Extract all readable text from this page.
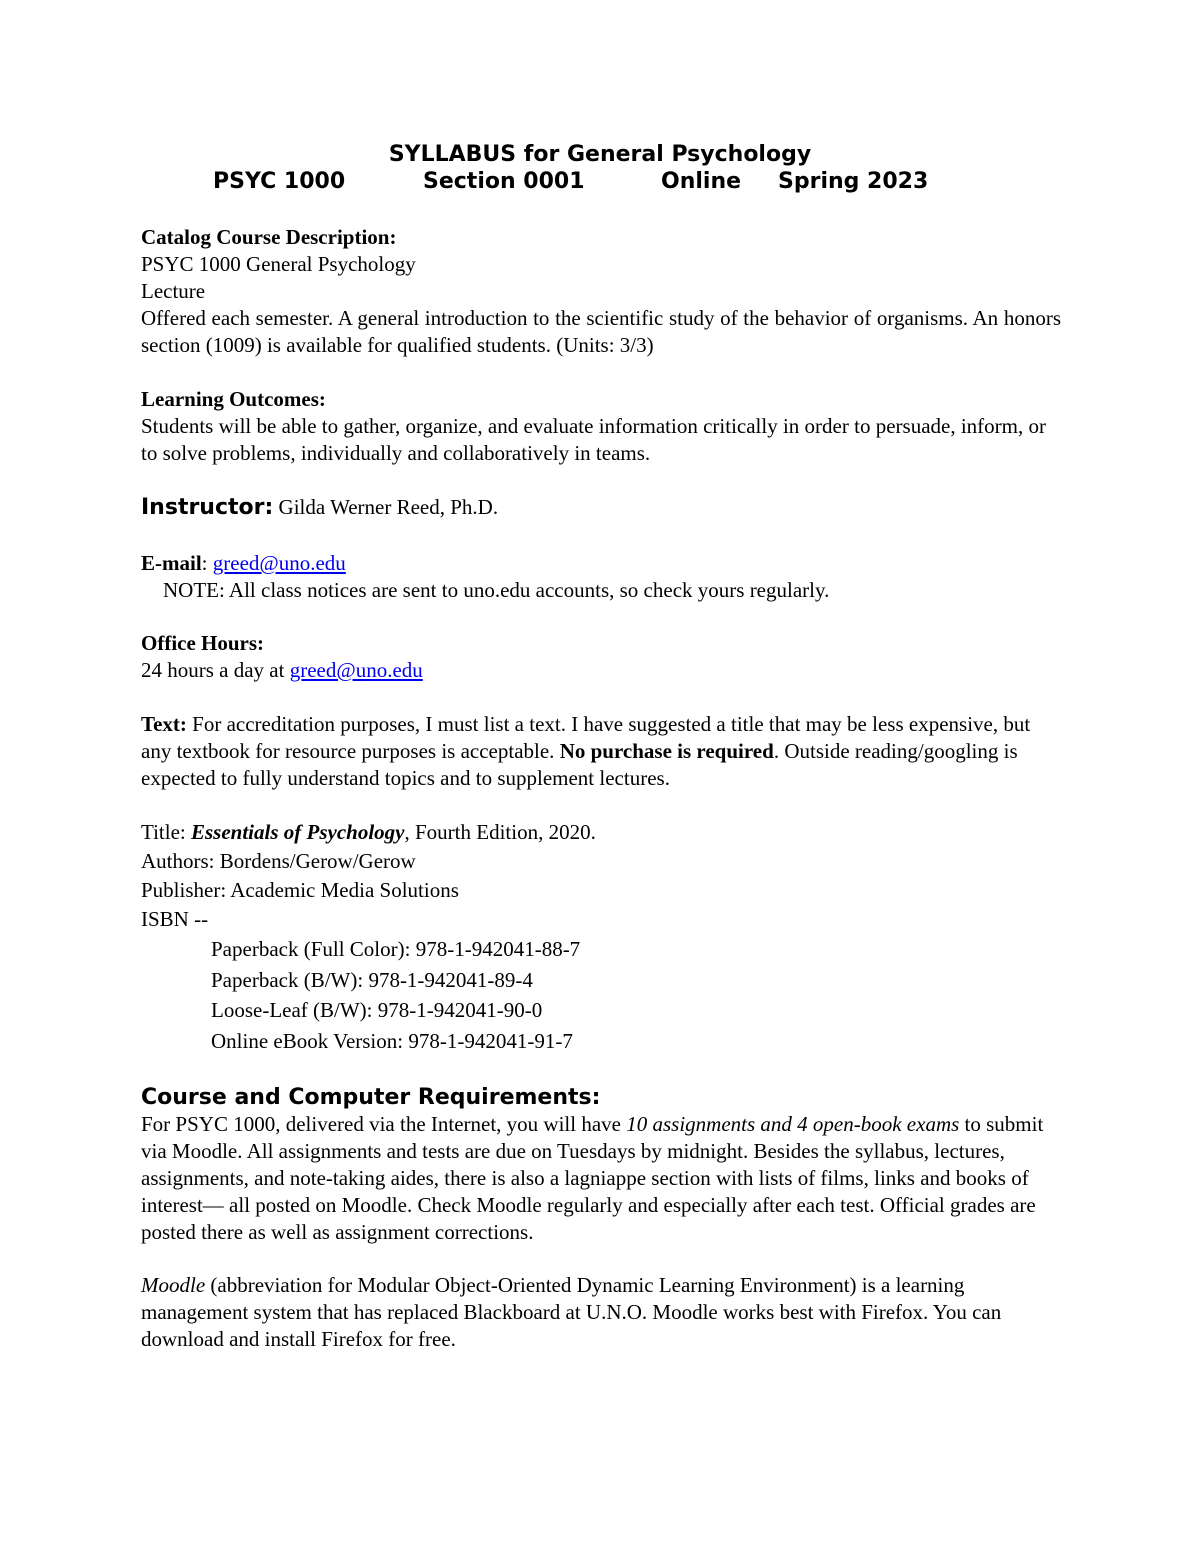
SYLLABUS for General Psychology
PSYC 1000	Section 0001	Online Spring 2023
Catalog Course Description:
PSYC 1000 General Psychology
Lecture
Offered each semester. A general introduction to the scientific study of the behavior of organisms. An honors section (1009) is available for qualified students. (Units: 3/3)
Learning Outcomes:
Students will be able to gather, organize, and evaluate information critically in order to persuade, inform, or to solve problems, individually and collaboratively in teams.
Instructor: Gilda Werner Reed, Ph.D.
E-mail: greed@uno.edu
NOTE: All class notices are sent to uno.edu accounts, so check yours regularly.
Office Hours:
24 hours a day at greed@uno.edu
Text: For accreditation purposes, I must list a text. I have suggested a title that may be less expensive, but any textbook for resource purposes is acceptable. No purchase is required. Outside reading/googling is expected to fully understand topics and to supplement lectures.
Title: Essentials of Psychology, Fourth Edition, 2020.
Authors: Bordens/Gerow/Gerow
Publisher: Academic Media Solutions
ISBN --
Paperback (Full Color): 978-1-942041-88-7
Paperback (B/W): 978-1-942041-89-4
Loose-Leaf (B/W): 978-1-942041-90-0
Online eBook Version: 978-1-942041-91-7
Course and Computer Requirements:
For PSYC 1000, delivered via the Internet, you will have 10 assignments and 4 open-book exams to submit via Moodle. All assignments and tests are due on Tuesdays by midnight. Besides the syllabus, lectures, assignments, and note-taking aides, there is also a lagniappe section with lists of films, links and books of interest— all posted on Moodle. Check Moodle regularly and especially after each test. Official grades are posted there as well as assignment corrections.
Moodle (abbreviation for Modular Object-Oriented Dynamic Learning Environment) is a learning management system that has replaced Blackboard at U.N.O. Moodle works best with Firefox. You can download and install Firefox for free.
